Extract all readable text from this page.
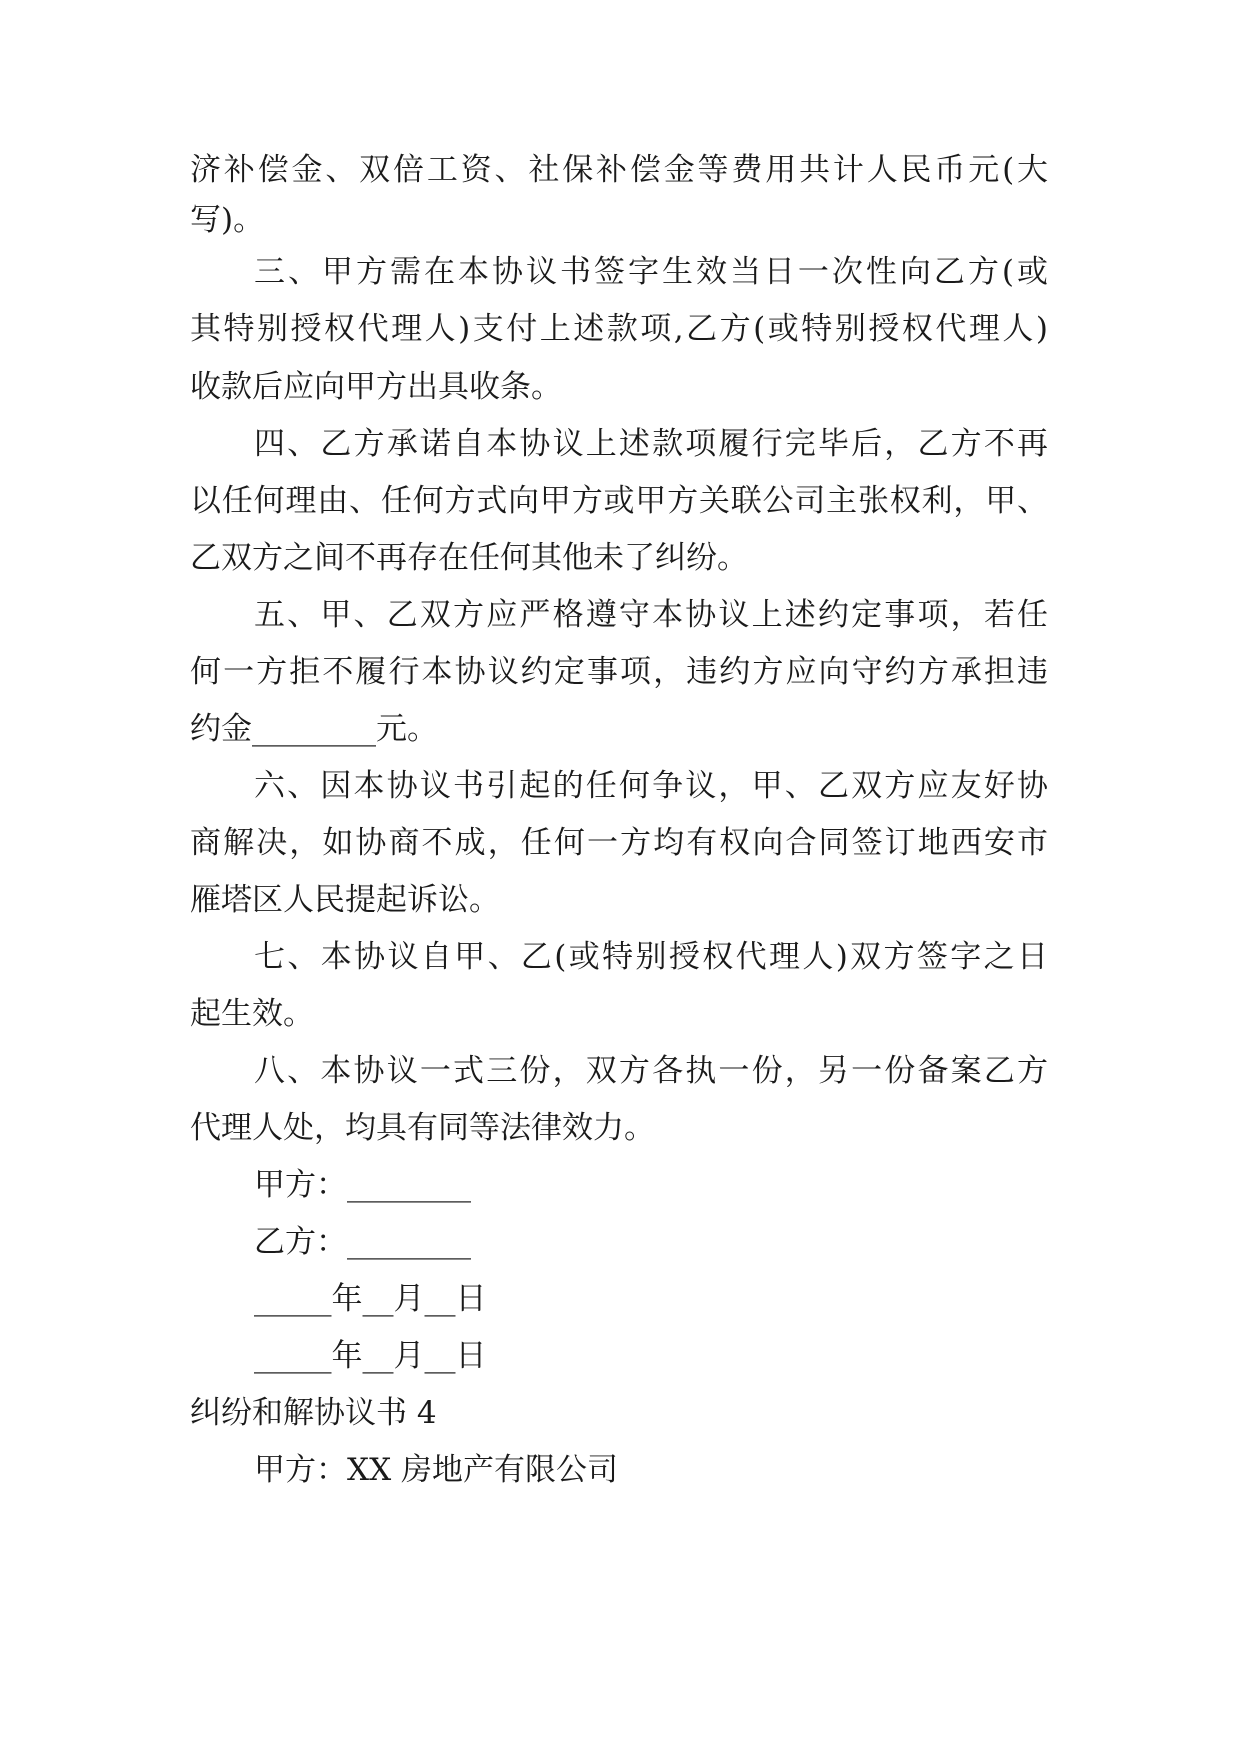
济补偿金、双倍工资、社保补偿金等费用共计人民币元(大
写)。
三、甲方需在本协议书签字生效当日一次性向乙方(或
其特别授权代理人)支付上述款项,乙方(或特别授权代理人)
收款后应向甲方出具收条。
四、乙方承诺自本协议上述款项履行完毕后，乙方不再
以任何理由、任何方式向甲方或甲方关联公司主张权利，甲、
乙双方之间不再存在任何其他未了纠纷。
五、甲、乙双方应严格遵守本协议上述约定事项，若任
何一方拒不履行本协议约定事项，违约方应向守约方承担违
约金________元。
六、因本协议书引起的任何争议，甲、乙双方应友好协
商解决，如协商不成，任何一方均有权向合同签订地西安市
雁塔区人民提起诉讼。
七、本协议自甲、乙(或特别授权代理人)双方签字之日
起生效。
八、本协议一式三份，双方各执一份，另一份备案乙方
代理人处，均具有同等法律效力。
甲方：________
乙方：________
_____年__月__日
_____年__月__日
纠纷和解协议书 4
甲方：XX 房地产有限公司
